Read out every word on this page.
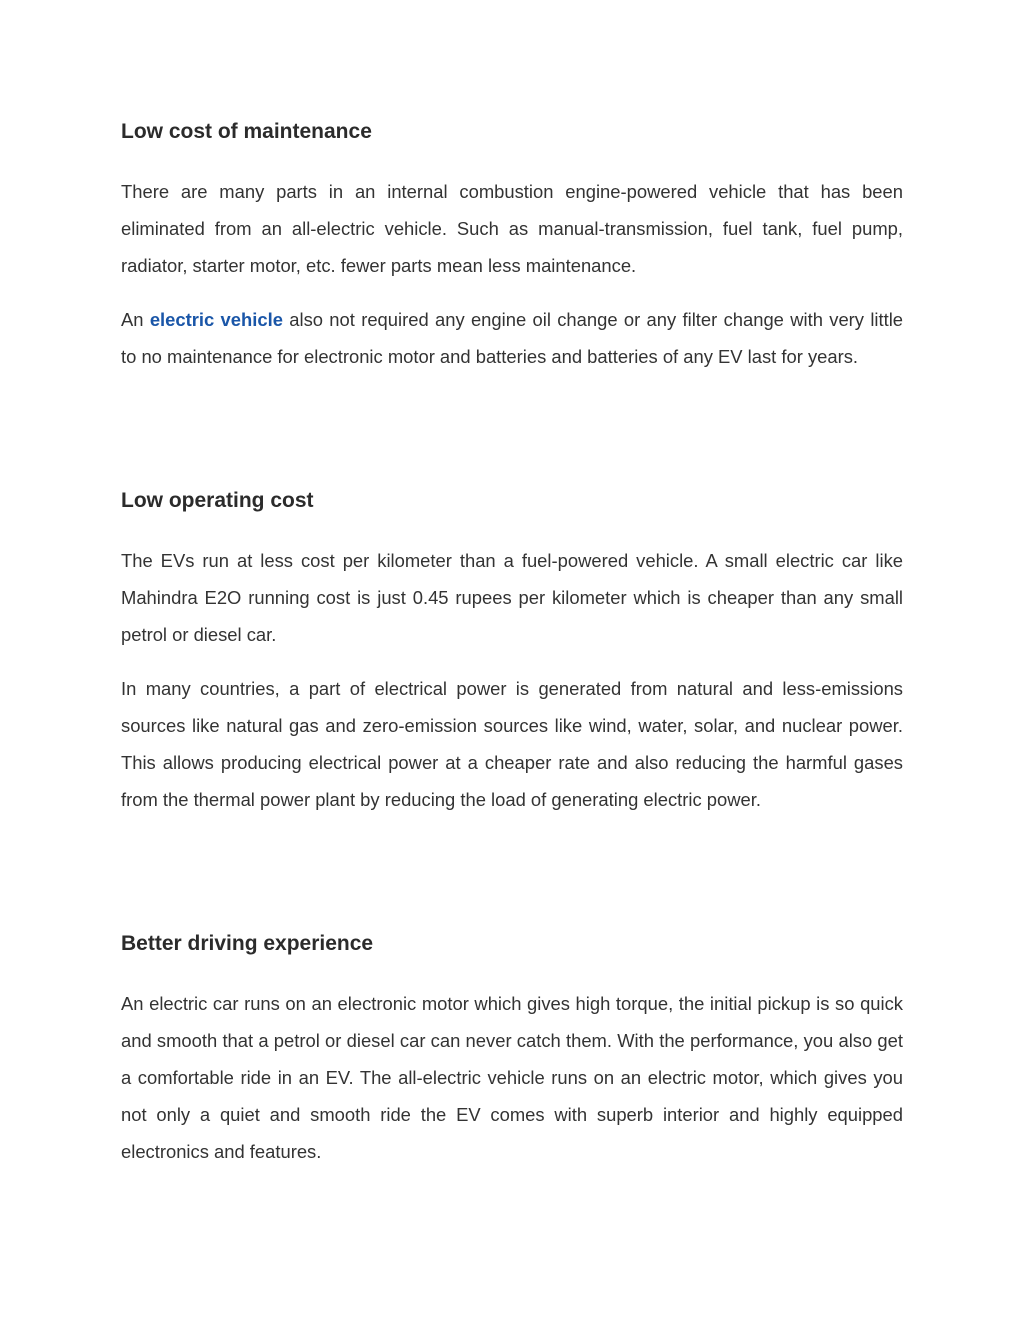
Low cost of maintenance

There are many parts in an internal combustion engine-powered vehicle that has been eliminated from an all-electric vehicle. Such as manual-transmission, fuel tank, fuel pump, radiator, starter motor, etc. fewer parts mean less maintenance.

An electric vehicle also not required any engine oil change or any filter change with very little to no maintenance for electronic motor and batteries and batteries of any EV last for years.

Low operating cost

The EVs run at less cost per kilometer than a fuel-powered vehicle. A small electric car like Mahindra E2O running cost is just 0.45 rupees per kilometer which is cheaper than any small petrol or diesel car.

In many countries, a part of electrical power is generated from natural and less-emissions sources like natural gas and zero-emission sources like wind, water, solar, and nuclear power. This allows producing electrical power at a cheaper rate and also reducing the harmful gases from the thermal power plant by reducing the load of generating electric power.

Better driving experience

An electric car runs on an electronic motor which gives high torque, the initial pickup is so quick and smooth that a petrol or diesel car can never catch them. With the performance, you also get a comfortable ride in an EV. The all-electric vehicle runs on an electric motor, which gives you not only a quiet and smooth ride the EV comes with superb interior and highly equipped electronics and features.
